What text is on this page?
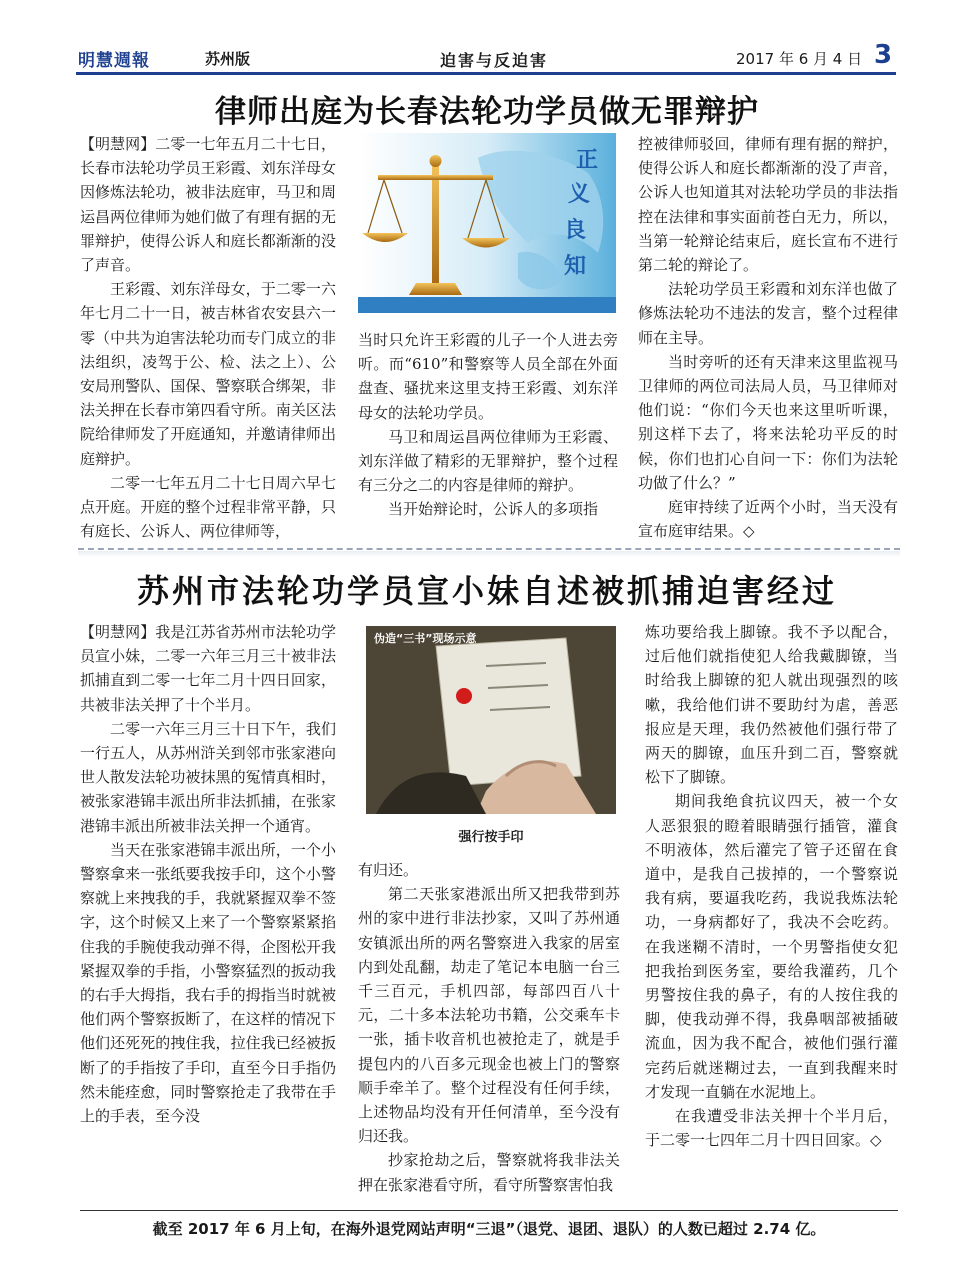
明慧週報	苏州版	迫害与反迫害	2017 年 6 月 4 日 3
律师出庭为长春法轮功学员做无罪辩护

【明慧网】二零一七年五月二十七日，长春市法轮功学员王彩霞、刘东洋母女因修炼法轮功，被非法庭审，马卫和周运昌两位律师为她们做了有理有据的无罪辩护，使得公诉人和庭长都渐渐的没了声音。

王彩霞、刘东洋母女，于二零一六年七月二十一日，被吉林省农安县六一零（中共为迫害法轮功而专门成立的非法组织，凌驾于公、检、法之上）、公安局刑警队、国保、警察联合绑架，非法关押在长春市第四看守所。南关区法院给律师发了开庭通知，并邀请律师出庭辩护。

二零一七年五月二十七日周六早七点开庭。开庭的整个过程非常平静，只有庭长、公诉人、两位律师等，

正
义
良
知

当时只允许王彩霞的儿子一个人进去旁听。而“610”和警察等人员全部在外面盘查、骚扰来这里支持王彩霞、刘东洋母女的法轮功学员。

马卫和周运昌两位律师为王彩霞、刘东洋做了精彩的无罪辩护，整个过程有三分之二的内容是律师的辩护。

当开始辩论时，公诉人的多项指

控被律师驳回，律师有理有据的辩护，使得公诉人和庭长都渐渐的没了声音，公诉人也知道其对法轮功学员的非法指控在法律和事实面前苍白无力，所以，当第一轮辩论结束后，庭长宣布不进行第二轮的辩论了。

法轮功学员王彩霞和刘东洋也做了修炼法轮功不违法的发言，整个过程律师在主导。

当时旁听的还有天津来这里监视马卫律师的两位司法局人员，马卫律师对他们说：“你们今天也来这里听听课，别这样下去了，将来法轮功平反的时候，你们也扪心自问一下：你们为法轮功做了什么？”

庭审持续了近两个小时，当天没有宣布庭审结果。◇

苏州市法轮功学员宣小妹自述被抓捕迫害经过

【明慧网】我是江苏省苏州市法轮功学员宣小妹，二零一六年三月三十被非法抓捕直到二零一七年二月十四日回家，共被非法关押了十个半月。

二零一六年三月三十日下午，我们一行五人，从苏州浒关到邻市张家港向世人散发法轮功被抹黑的冤情真相时，被张家港锦丰派出所非法抓捕，在张家港锦丰派出所被非法关押一个通宵。

当天在张家港锦丰派出所，一个小警察拿来一张纸要我按手印，这个小警察就上来拽我的手，我就紧握双拳不签字，这个时候又上来了一个警察紧紧掐住我的手腕使我动弹不得，企图松开我紧握双拳的手指，小警察猛烈的扳动我的右手大拇指，我右手的拇指当时就被他们两个警察扳断了，在这样的情况下他们还死死的拽住我，拉住我已经被扳断了的手指按了手印，直至今日手指仍然未能痊愈，同时警察抢走了我带在手上的手表，至今没

伪造“三书”现场示意
强行按手印

有归还。

第二天张家港派出所又把我带到苏州的家中进行非法抄家，又叫了苏州通安镇派出所的两名警察进入我家的居室内到处乱翻，劫走了笔记本电脑一台三千三百元，手机四部，每部四百八十元，二十多本法轮功书籍，公交乘车卡一张，插卡收音机也被抢走了，就是手提包内的八百多元现金也被上门的警察顺手牵羊了。整个过程没有任何手续，上述物品均没有开任何清单，至今没有归还我。

抄家抢劫之后，警察就将我非法关押在张家港看守所，看守所警察害怕我

炼功要给我上脚镣。我不予以配合，过后他们就指使犯人给我戴脚镣，当时给我上脚镣的犯人就出现强烈的咳嗽，我给他们讲不要助纣为虐，善恶报应是天理，我仍然被他们强行带了两天的脚镣，血压升到二百，警察就松下了脚镣。

期间我绝食抗议四天，被一个女人恶狠狠的瞪着眼睛强行插管，灌食不明液体，然后灌完了管子还留在食道中，是我自己拔掉的，一个警察说我有病，要逼我吃药，我说我炼法轮功，一身病都好了，我决不会吃药。在我迷糊不清时，一个男警指使女犯把我抬到医务室，要给我灌药，几个男警按住我的鼻子，有的人按住我的脚，使我动弹不得，我鼻咽部被插破流血，因为我不配合，被他们强行灌完药后就迷糊过去，一直到我醒来时才发现一直躺在水泥地上。

在我遭受非法关押十个半月后，于二零一七四年二月十四日回家。◇

截至 2017 年 6 月上旬，在海外退党网站声明“三退”（退党、退团、退队）的人数已超过 2.74 亿。
